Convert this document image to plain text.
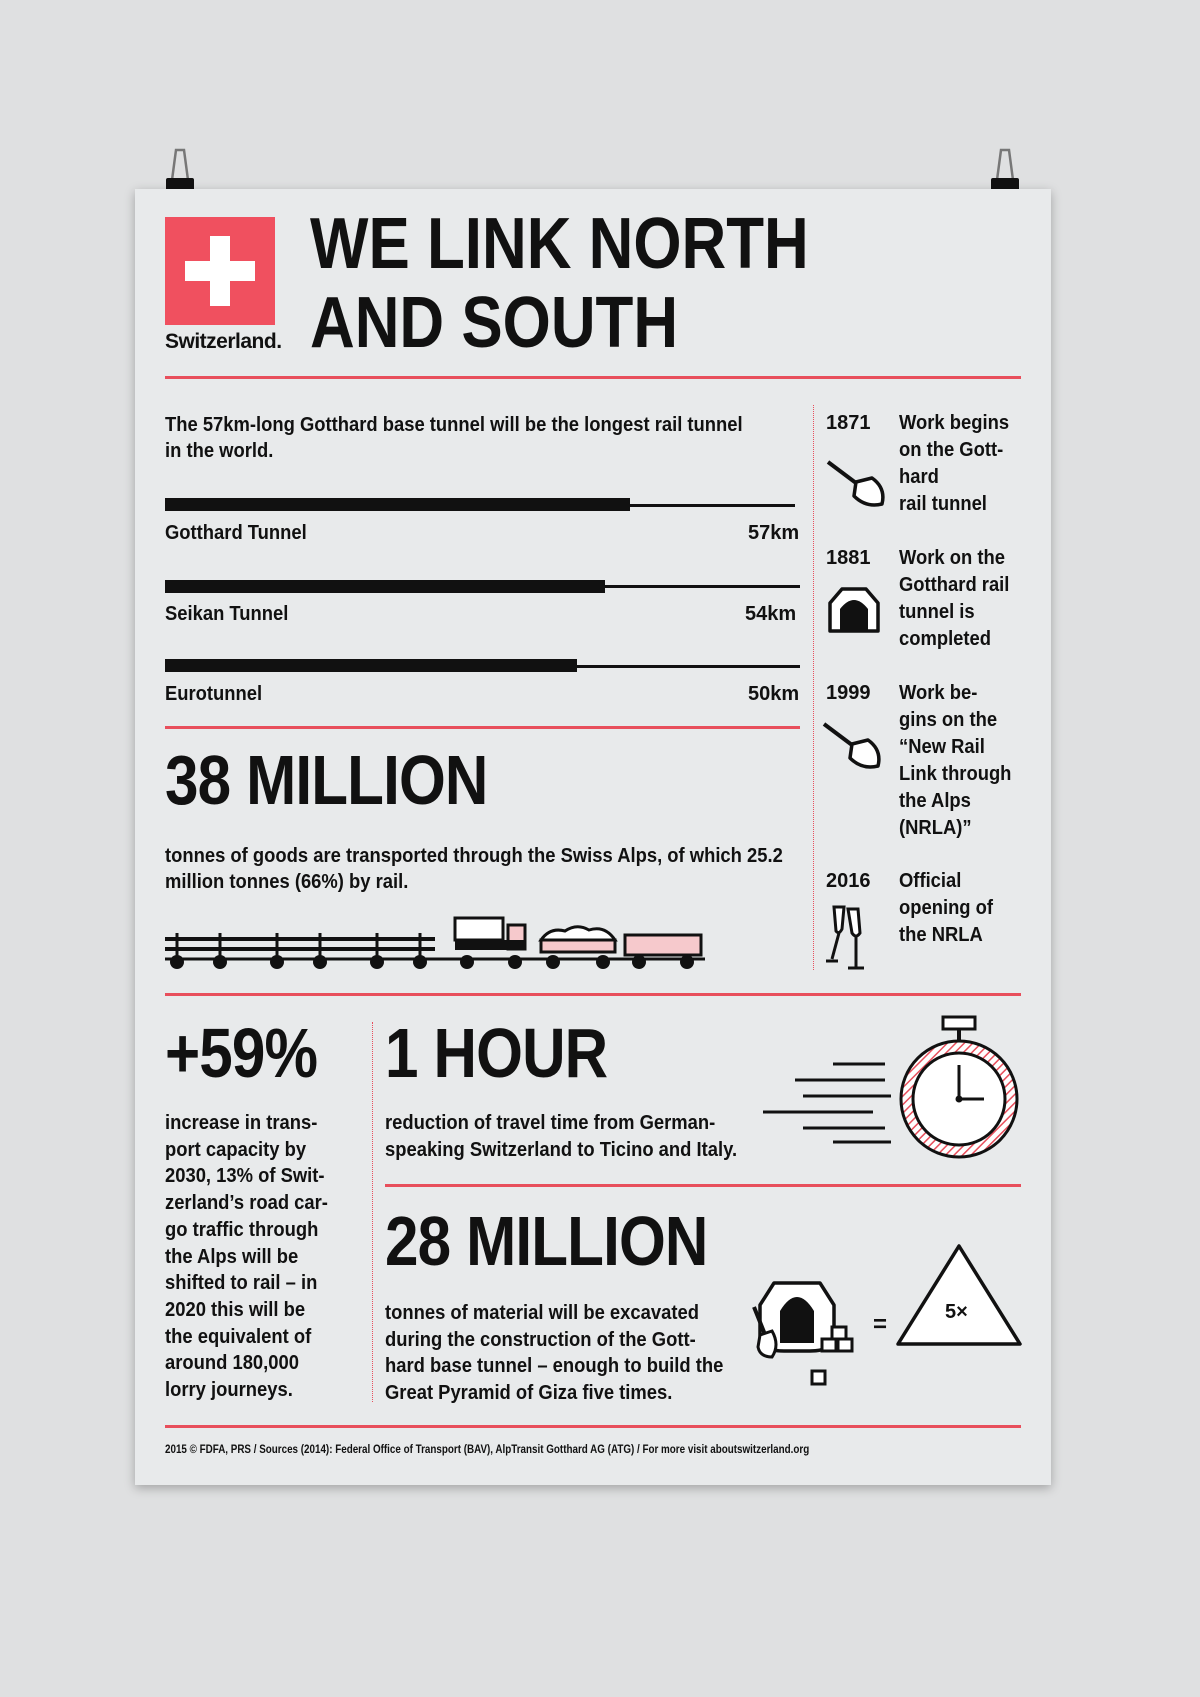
Switzerland.
WE LINK NORTH
AND SOUTH
The 57km-long Gotthard base tunnel will be the longest rail tunnel in the world.
Gotthard Tunnel	57km
Seikan Tunnel	54km
Eurotunnel	50km
38 MILLION
tonnes of goods are transported through the Swiss Alps, of which 25.2 million tonnes (66%) by rail.
1871 Work begins
on the Gott-
hard
rail tunnel
1881 Work on the
Gotthard rail
tunnel is
completed
1999 Work be-
gins on the
“New Rail
Link through
the Alps
(NRLA)”
2016 Official
opening of
the NRLA
+59%
increase in trans-
port capacity by
2030, 13% of Swit-
zerland’s road car-
go traffic through
the Alps will be
shifted to rail – in
2020 this will be
the equivalent of
around 180,000
lorry journeys.
1 HOUR
reduction of travel time from German-
speaking Switzerland to Ticino and Italy.
28 MILLION
tonnes of material will be excavated
during the construction of the Gott-
hard base tunnel – enough to build the
Great Pyramid of Giza five times.
=	5×
2015 © FDFA, PRS / Sources (2014): Federal Office of Transport (BAV), AlpTransit Gotthard AG (ATG) / For more visit aboutswitzerland.org
